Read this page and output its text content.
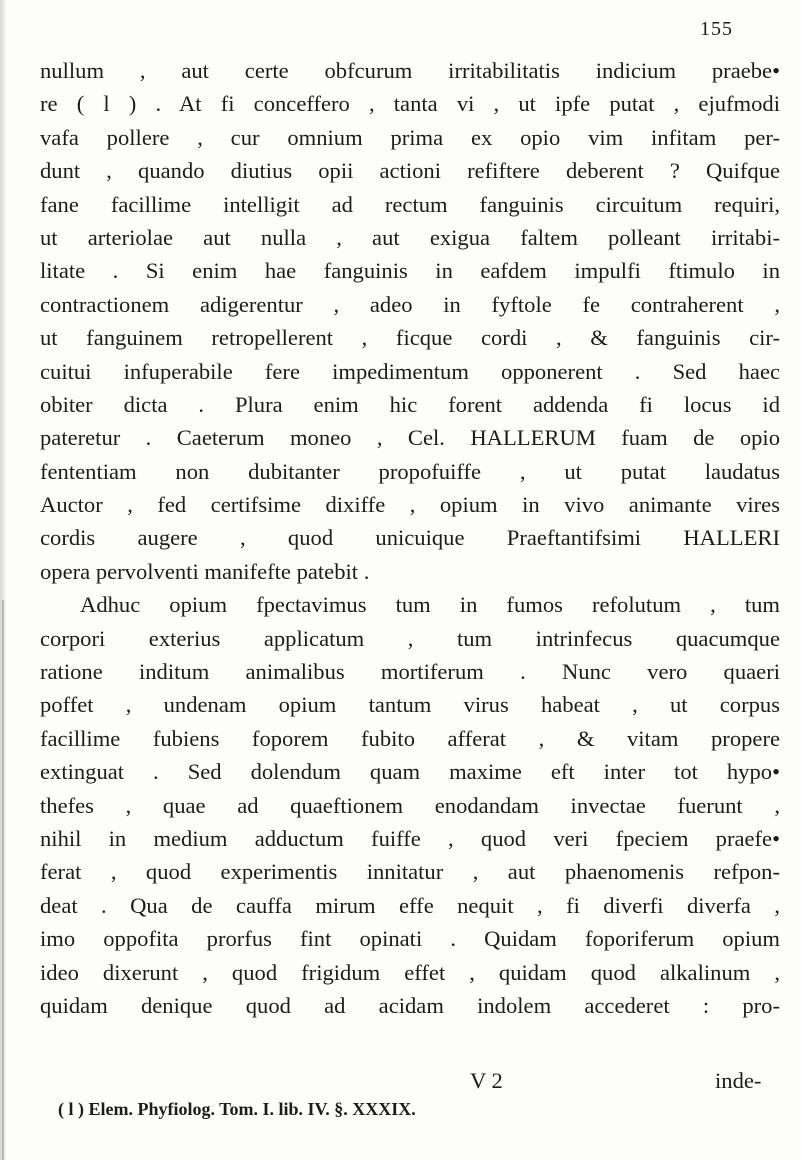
155
nullum , aut certe obfcurum irritabilitatis indicium praebe•
re ( l ) . At fi conceffero , tanta vi , ut ipfe putat , ejufmodi
vafa pollere , cur omnium prima ex opio vim infitam per-
dunt , quando diutius opii actioni refiftere deberent ? Quifque
fane facillime intelligit ad rectum fanguinis circuitum requiri,
ut arteriolae aut nulla , aut exigua faltem polleant irritabi-
litate . Si enim hae fanguinis in eafdem impulfi ftimulo in
contractionem adigerentur , adeo in fyftole fe contraherent ,
ut fanguinem retropellerent , ficque cordi , & fanguinis cir-
cuitui infuperabile fere impedimentum opponerent . Sed haec
obiter dicta . Plura enim hic forent addenda fi locus id
pateretur . Caeterum moneo , Cel. HALLERUM fuam de opio
fententiam non dubitanter propofuiffe , ut putat laudatus
Auctor , fed certifsime dixiffe , opium in vivo animante vires
cordis augere , quod unicuique Praeftantifsimi HALLERI
opera pervolventi manifefte patebit .
Adhuc opium fpectavimus tum in fumos refolutum , tum
corpori exterius applicatum , tum intrinfecus quacumque
ratione inditum animalibus mortiferum . Nunc vero quaeri
poffet , undenam opium tantum virus habeat , ut corpus
facillime fubiens foporem fubito afferat , & vitam propere
extinguat . Sed dolendum quam maxime eft inter tot hypo•
thefes , quae ad quaeftionem enodandam invectae fuerunt ,
nihil in medium adductum fuiffe , quod veri fpeciem praefe•
ferat , quod experimentis innitatur , aut phaenomenis refpon-
deat . Qua de cauffa mirum effe nequit , fi diverfi diverfa ,
imo oppofita prorfus fint opinati . Quidam foporiferum opium
ideo dixerunt , quod frigidum effet , quidam quod alkalinum ,
quidam denique quod ad acidam indolem accederet : pro-
V 2	inde-
( l ) Elem. Phyfiolog. Tom. I. lib. IV. §. XXXIX.
